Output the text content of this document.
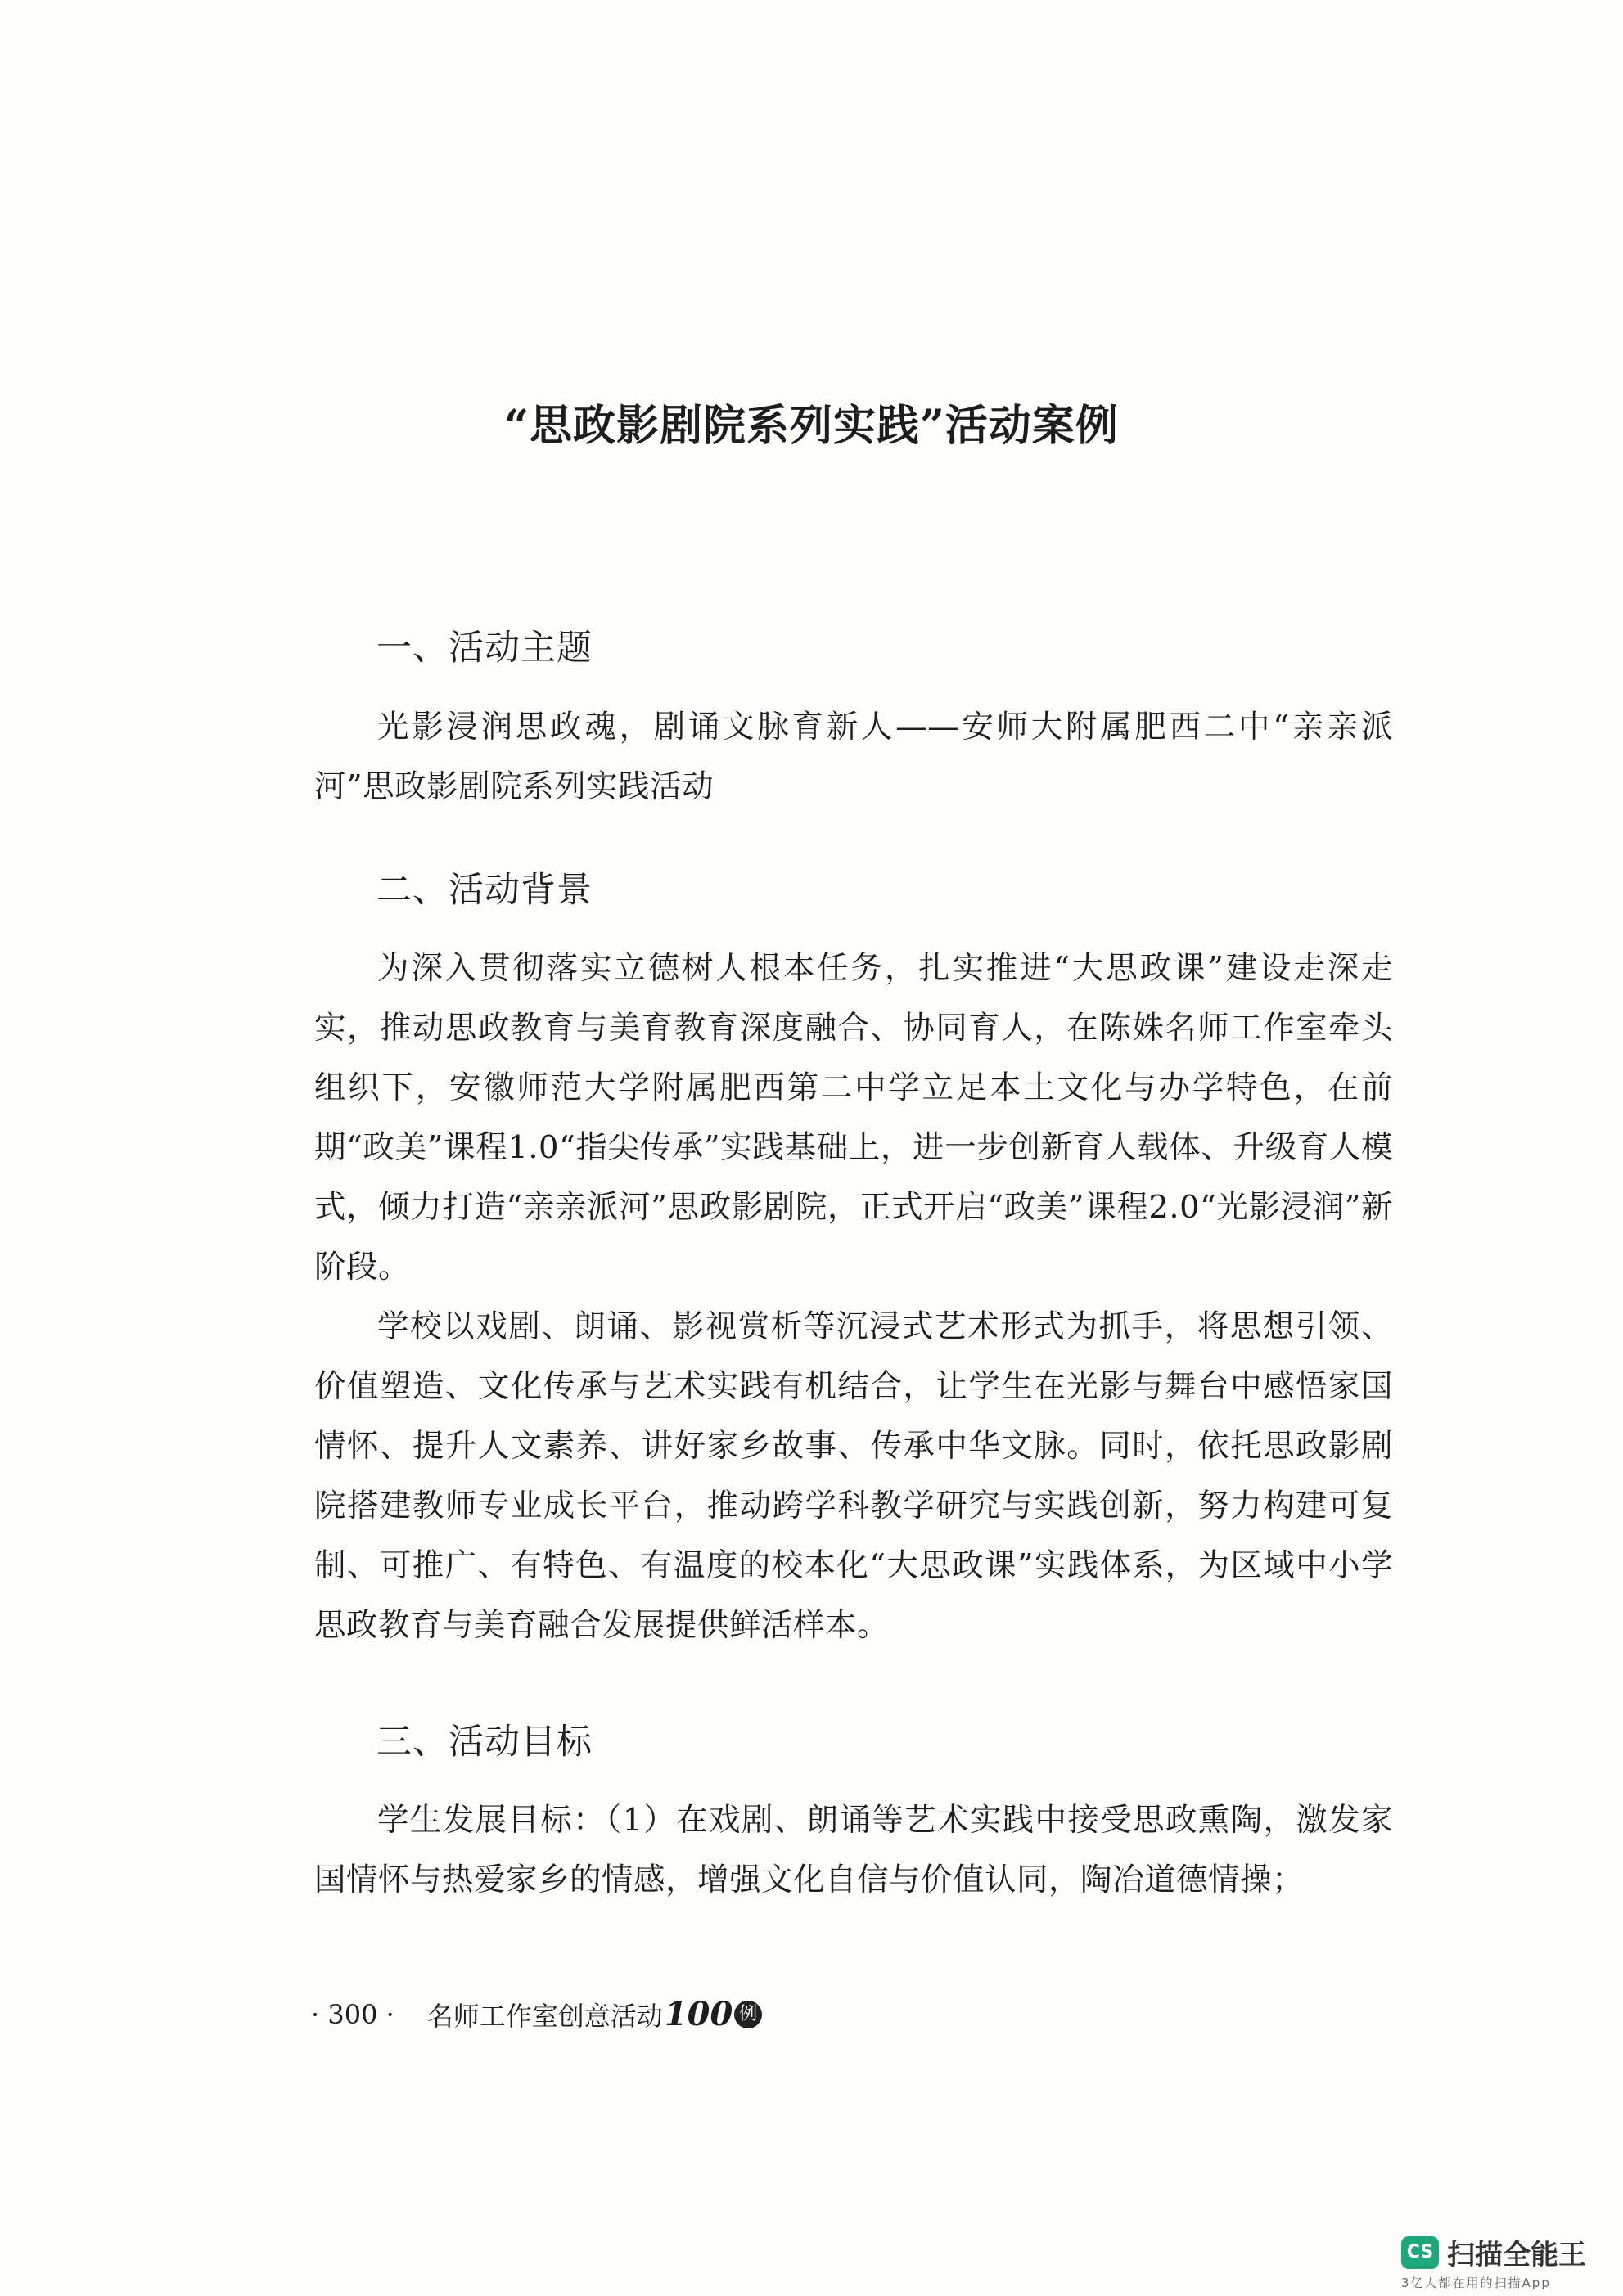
“思政影剧院系列实践”活动案例
一、活动主题

光影浸润思政魂，剧诵文脉育新人——安师大附属肥西二中“亲亲派河”思政影剧院系列实践活动

二、活动背景

为深入贯彻落实立德树人根本任务，扎实推进“大思政课”建设走深走实，推动思政教育与美育教育深度融合、协同育人，在陈姝名师工作室牵头组织下，安徽师范大学附属肥西第二中学立足本土文化与办学特色，在前期“政美”课程1.0“指尖传承”实践基础上，进一步创新育人载体、升级育人模式，倾力打造“亲亲派河”思政影剧院，正式开启“政美”课程2.0“光影浸润”新阶段。

学校以戏剧、朗诵、影视赏析等沉浸式艺术形式为抓手，将思想引领、价值塑造、文化传承与艺术实践有机结合，让学生在光影与舞台中感悟家国情怀、提升人文素养、讲好家乡故事、传承中华文脉。同时，依托思政影剧院搭建教师专业成长平台，推动跨学科教学研究与实践创新，努力构建可复制、可推广、有特色、有温度的校本化“大思政课”实践体系，为区域中小学思政教育与美育融合发展提供鲜活样本。

三、活动目标

学生发展目标：（1）在戏剧、朗诵等艺术实践中接受思政熏陶，激发家国情怀与热爱家乡的情感，增强文化自信与价值认同，陶冶道德情操；

· 300 · 名师工作室创意活动 100 例
CS 扫描全能王
3亿人都在用的扫描App
